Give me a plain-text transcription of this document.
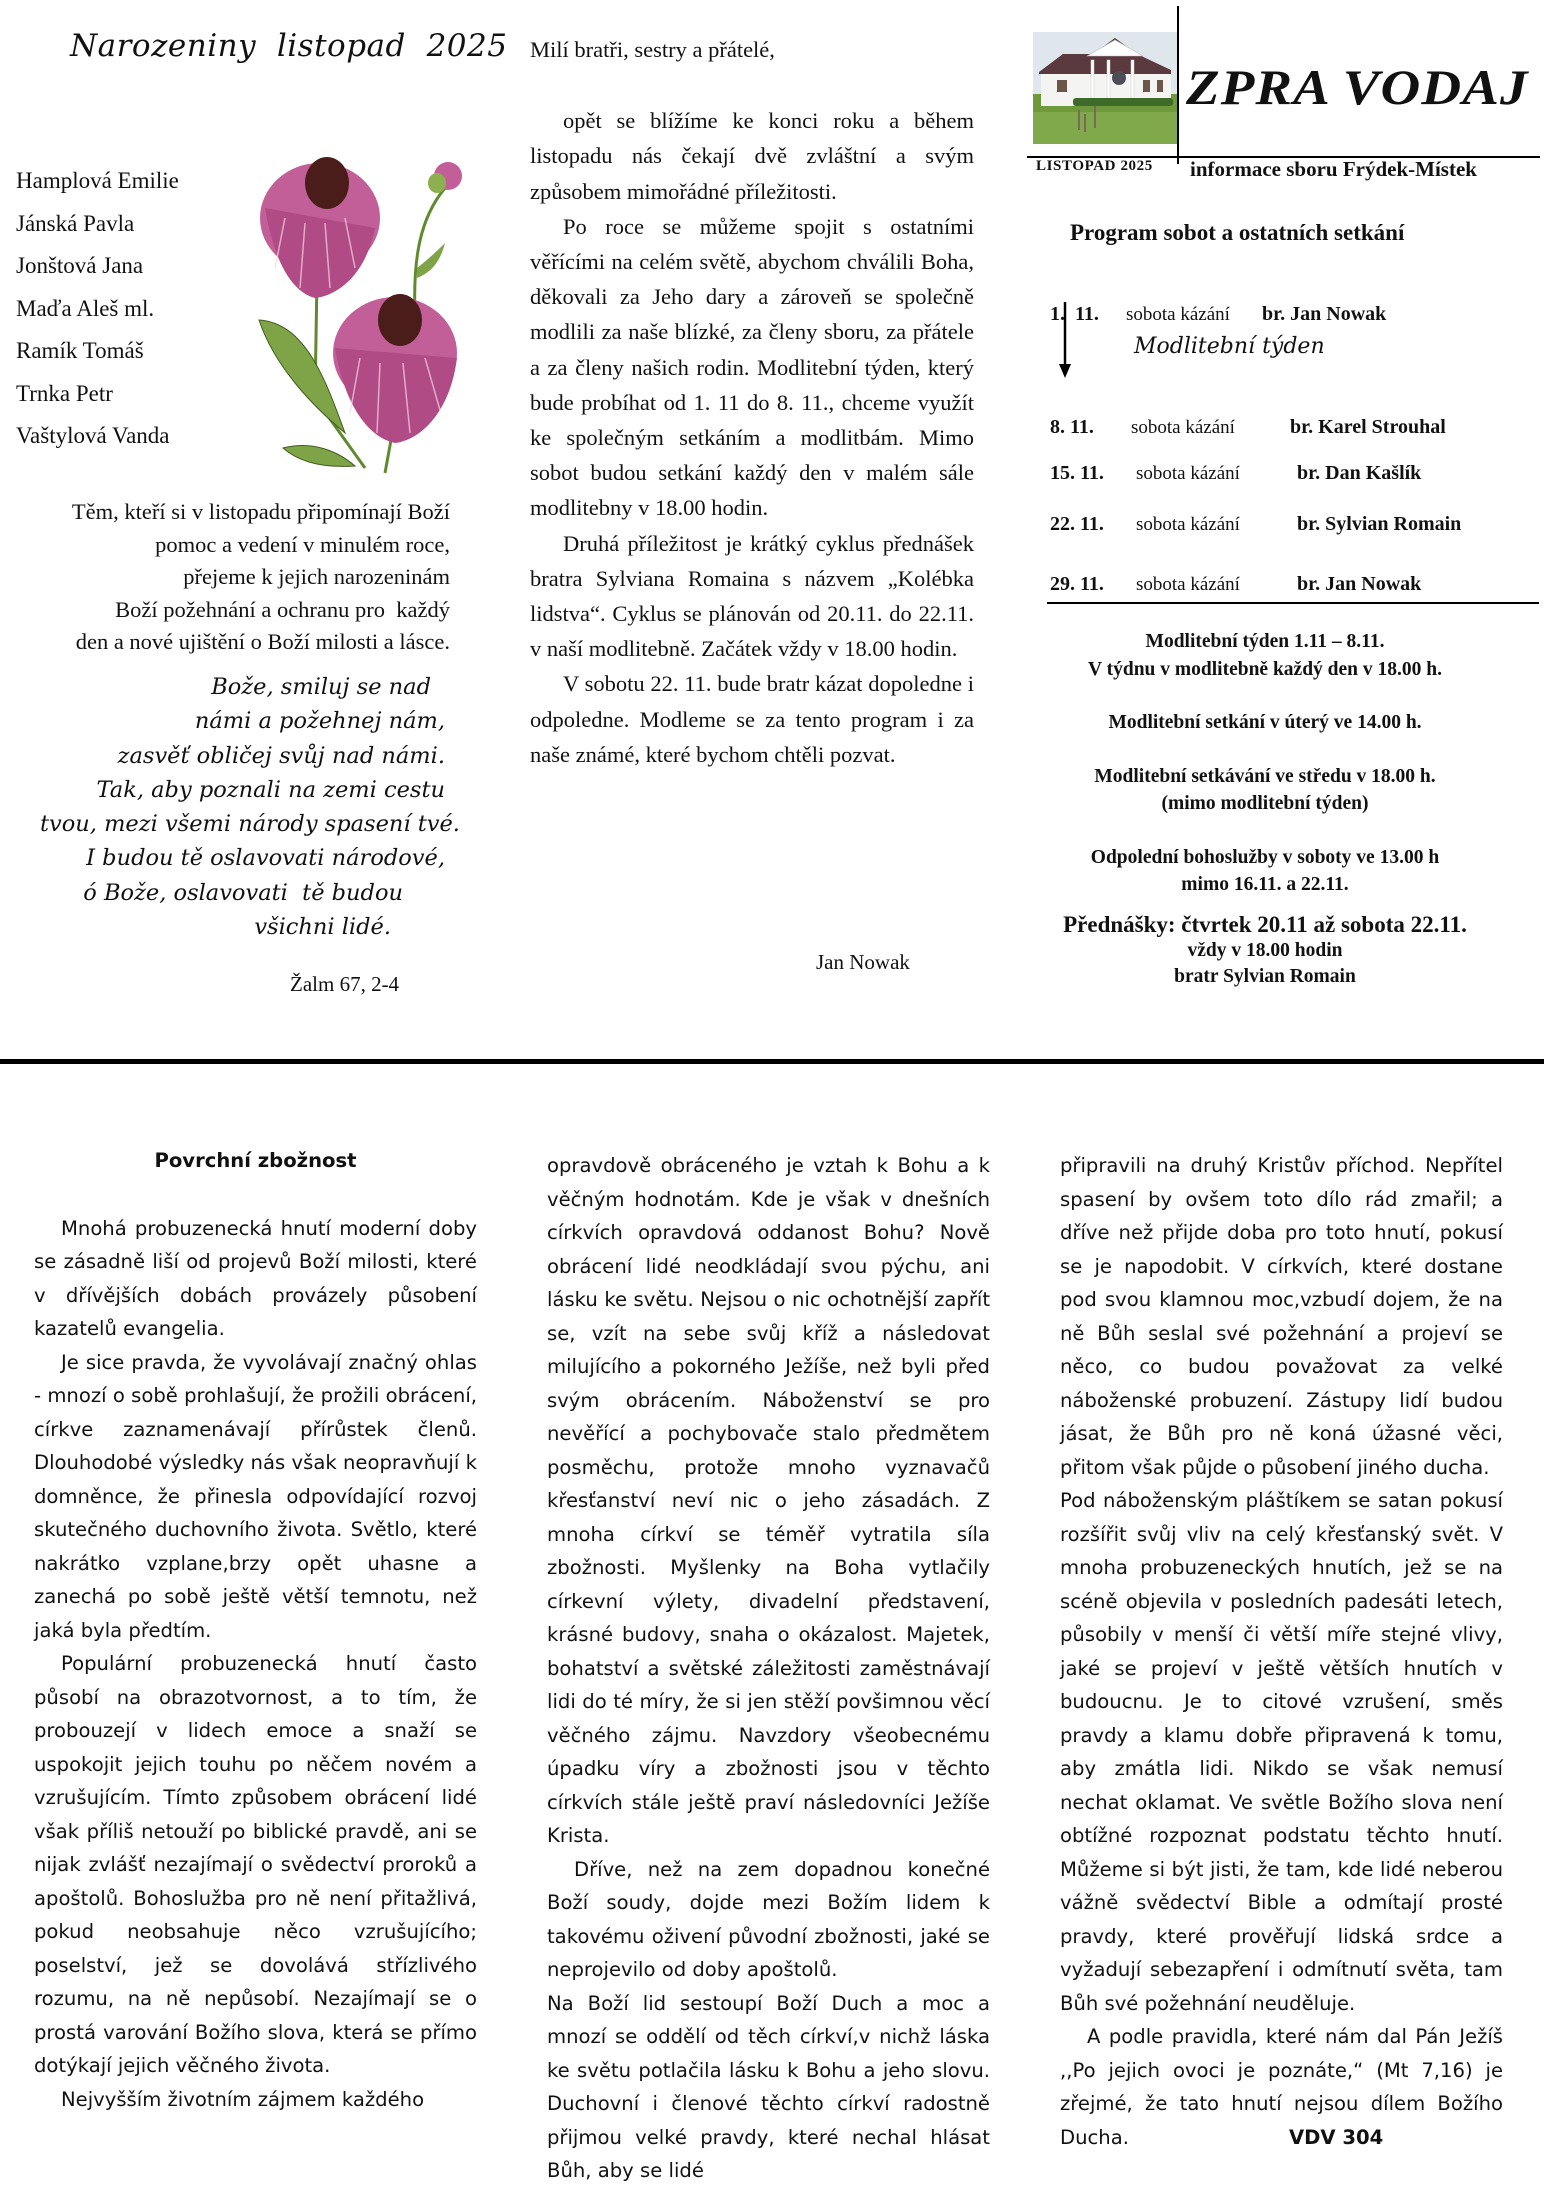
Narozeniny  listopad  2025
Hamplová Emilie
Jánská Pavla
Jonštová Jana
Maďa Aleš ml.
Ramík Tomáš
Trnka Petr
Vaštylová Vanda
Těm, kteří si v listopadu připomínají Boží
pomoc a vedení v minulém roce,
přejeme k jejich narozeninám
Boží požehnání a ochranu pro  každý
den a nové ujištění o Boží milosti a lásce.
Bože, smiluj se nad
námi a požehnej nám,
zasvěť obličej svůj nad námi.
Tak, aby poznali na zemi cestu
tvou, mezi všemi národy spasení tvé.
I budou tě oslavovati národové,
ó Bože, oslavovati  tě budou
všichni lidé.
Žalm 67, 2-4
Milí bratři, sestry a přátelé,

opět se blížíme ke konci roku a během listopadu nás čekají dvě zvláštní a svým způsobem mimořádné příležitosti.

Po roce se můžeme spojit s ostatními věřícími na celém světě, abychom chválili Boha, děkovali za Jeho dary a zároveň se společně modlili za naše blízké, za členy sboru, za přátele a za členy našich rodin. Modlitební týden, který bude probíhat od 1. 11 do 8. 11., chceme využít ke společným setkáním a modlitbám. Mimo sobot budou setkání každý den v malém sále modlitebny v 18.00 hodin.

Druhá příležitost je krátký cyklus přednášek bratra Sylviana Romaina s názvem „Kolébka lidstva“. Cyklus se plánován od 20.11. do 22.11. v naší modlitebně. Začátek vždy v 18.00 hodin.

V sobotu 22. 11. bude bratr kázat dopoledne i odpoledne. Modleme se za tento program i za naše známé, které bychom chtěli pozvat.

Jan Nowak
ZPRA VODAJ
LISTOPAD 2025 informace sboru Frýdek-Místek
Program sobot a ostatních setkání

1.  11. sobota kázání br. Jan Nowak

Modlitební týden

8. 11. sobota kázání	br. Karel Strouhal

15. 11. sobota kázání	br. Dan Kašlík

22. 11. sobota kázání	br. Sylvian Romain

29. 11. sobota kázání	br. Jan Nowak

Modlitební týden 1.11 – 8.11.
V týdnu v modlitebně každý den v 18.00 h.
Modlitební setkání v úterý ve 14.00 h.
Modlitební setkávání ve středu v 18.00 h.
(mimo modlitební týden)
Odpolední bohoslužby v soboty ve 13.00 h
mimo 16.11. a 22.11.
Přednášky: čtvrtek 20.11 až sobota 22.11.
vždy v 18.00 hodin
bratr Sylvian Romain
Povrchní zbožnost

Mnohá probuzenecká hnutí moderní doby se zásadně liší od projevů Boží milosti, které v dřívějších dobách provázely působení kazatelů evangelia.

Je sice pravda, že vyvolávají značný ohlas - mnozí o sobě prohlašují, že prožili obrácení, církve zaznamenávají přírůstek členů. Dlouhodobé výsledky nás však neopravňují k domněnce, že přinesla odpovídající rozvoj skutečného duchovního života. Světlo, které nakrátko vzplane,brzy opět uhasne a zanechá po sobě ještě větší temnotu, než jaká byla předtím.

Populární probuzenecká hnutí často působí na obrazotvornost, a to tím, že probouzejí v lidech emoce a snaží se uspokojit jejich touhu po něčem novém a vzrušujícím. Tímto způsobem obrácení lidé však příliš netouží po biblické pravdě, ani se nijak zvlášť nezajímají o svědectví proroků a apoštolů. Bohoslužba pro ně není přitažlivá, pokud neobsahuje něco vzrušujícího; poselství, jež se dovolává střízlivého rozumu, na ně nepůsobí. Nezajímají se o prostá varování Božího slova, která se přímo dotýkají jejich věčného života.

Nejvyšším životním zájmem každého

opravdově obráceného je vztah k Bohu a k věčným hodnotám. Kde je však v dnešních církvích opravdová oddanost Bohu? Nově obrácení lidé neodkládají svou pýchu, ani lásku ke světu. Nejsou o nic ochotnější zapřít se, vzít na sebe svůj kříž a následovat milujícího a pokorného Ježíše, než byli před svým obrácením. Náboženství se pro nevěřící a pochybovače stalo předmětem posměchu, protože mnoho vyznavačů křesťanství neví nic o jeho zásadách. Z mnoha církví se téměř vytratila síla zbožnosti. Myšlenky na Boha vytlačily církevní výlety, divadelní představení, krásné budovy, snaha o okázalost. Majetek, bohatství a světské záležitosti zaměstnávají lidi do té míry, že si jen stěží povšimnou věcí věčného zájmu. Navzdory všeobecnému úpadku víry a zbožnosti jsou v těchto církvích stále ještě praví následovníci Ježíše Krista.

Dříve, než na zem dopadnou konečné Boží soudy, dojde mezi Božím lidem k takovému oživení původní zbožnosti, jaké se neprojevilo od doby apoštolů.

Na Boží lid sestoupí Boží Duch a moc a mnozí se oddělí od těch církví,v nichž láska ke světu potlačila lásku k Bohu a jeho slovu. Duchovní i členové těchto církví radostně přijmou velké pravdy, které nechal hlásat Bůh, aby se lidé

připravili na druhý Kristův příchod. Nepřítel spasení by ovšem toto dílo rád zmařil; a dříve než přijde doba pro toto hnutí, pokusí se je napodobit. V církvích, které dostane pod svou klamnou moc,vzbudí dojem, že na ně Bůh seslal své požehnání a projeví se něco, co budou považovat za velké náboženské probuzení. Zástupy lidí budou jásat, že Bůh pro ně koná úžasné věci, přitom však půjde o působení jiného ducha.

Pod náboženským pláštíkem se satan pokusí rozšířit svůj vliv na celý křesťanský svět. V mnoha probuzeneckých hnutích, jež se na scéně objevila v posledních padesáti letech, působily v menší či větší míře stejné vlivy, jaké se projeví v ještě větších hnutích v budoucnu. Je to citové vzrušení, směs pravdy a klamu dobře připravená k tomu, aby zmátla lidi. Nikdo se však nemusí nechat oklamat. Ve světle Božího slova není obtížné rozpoznat podstatu těchto hnutí. Můžeme si být jisti, že tam, kde lidé neberou vážně svědectví Bible a odmítají prosté pravdy, které prověřují lidská srdce a vyžadují sebezapření i odmítnutí světa, tam Bůh své požehnání neuděluje.

A podle pravidla, které nám dal Pán Ježíš ,,Po jejich ovoci je poznáte,“ (Mt 7,16) je zřejmé, že tato hnutí nejsou dílem Božího Ducha.	VDV 304
